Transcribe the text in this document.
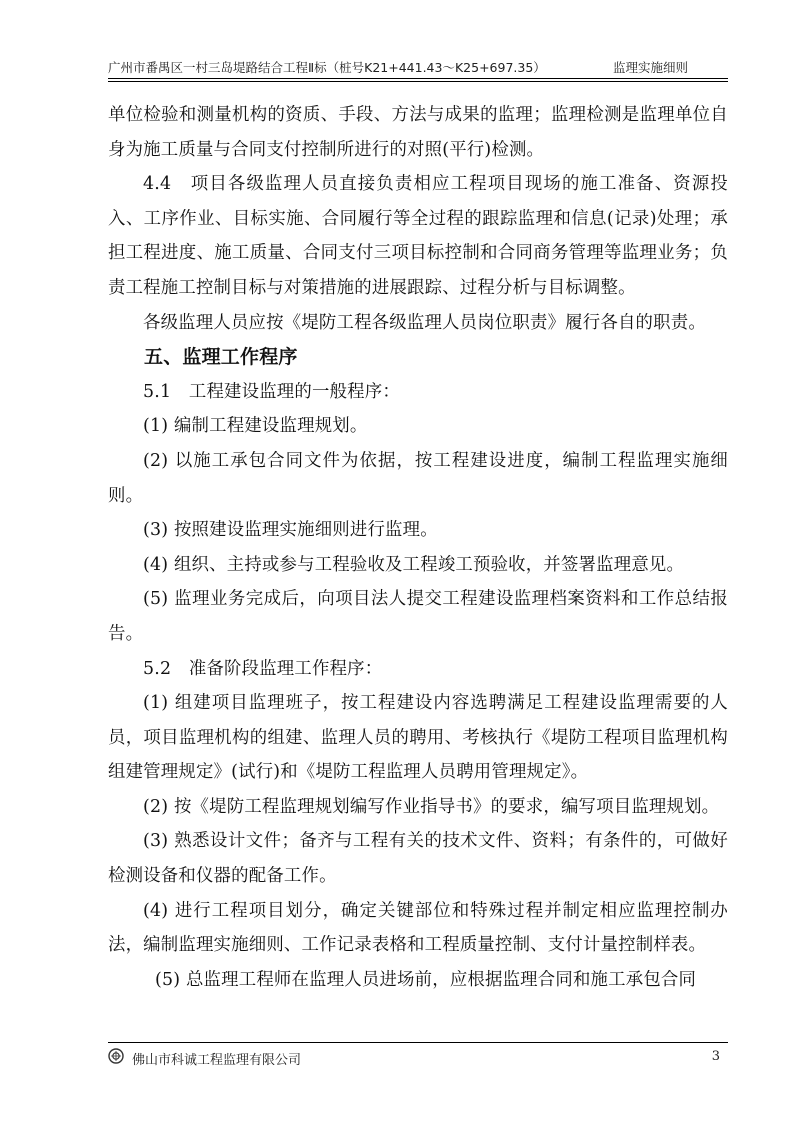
广州市番禺区一村三岛堤路结合工程Ⅱ标（桩号K21+441.43～K25+697.35）	监理实施细则

单位检验和测量机构的资质、手段、方法与成果的监理；监理检测是监理单位自身为施工质量与合同支付控制所进行的对照(平行)检测。

4.4　项目各级监理人员直接负责相应工程项目现场的施工准备、资源投入、工序作业、目标实施、合同履行等全过程的跟踪监理和信息(记录)处理；承担工程进度、施工质量、合同支付三项目标控制和合同商务管理等监理业务；负责工程施工控制目标与对策措施的进展跟踪、过程分析与目标调整。

各级监理人员应按《堤防工程各级监理人员岗位职责》履行各自的职责。

五、监理工作程序

5.1　工程建设监理的一般程序：

(1) 编制工程建设监理规划。

(2) 以施工承包合同文件为依据，按工程建设进度，编制工程监理实施细则。

(3) 按照建设监理实施细则进行监理。

(4) 组织、主持或参与工程验收及工程竣工预验收，并签署监理意见。

(5) 监理业务完成后，向项目法人提交工程建设监理档案资料和工作总结报告。

5.2　准备阶段监理工作程序：

(1) 组建项目监理班子，按工程建设内容选聘满足工程建设监理需要的人员，项目监理机构的组建、监理人员的聘用、考核执行《堤防工程项目监理机构组建管理规定》(试行)和《堤防工程监理人员聘用管理规定》。

(2) 按《堤防工程监理规划编写作业指导书》的要求，编写项目监理规划。

(3) 熟悉设计文件；备齐与工程有关的技术文件、资料；有条件的，可做好检测设备和仪器的配备工作。

(4) 进行工程项目划分，确定关键部位和特殊过程并制定相应监理控制办法，编制监理实施细则、工作记录表格和工程质量控制、支付计量控制样表。

(5) 总监理工程师在监理人员进场前，应根据监理合同和施工承包合同

佛山市科诚工程监理有限公司	3
